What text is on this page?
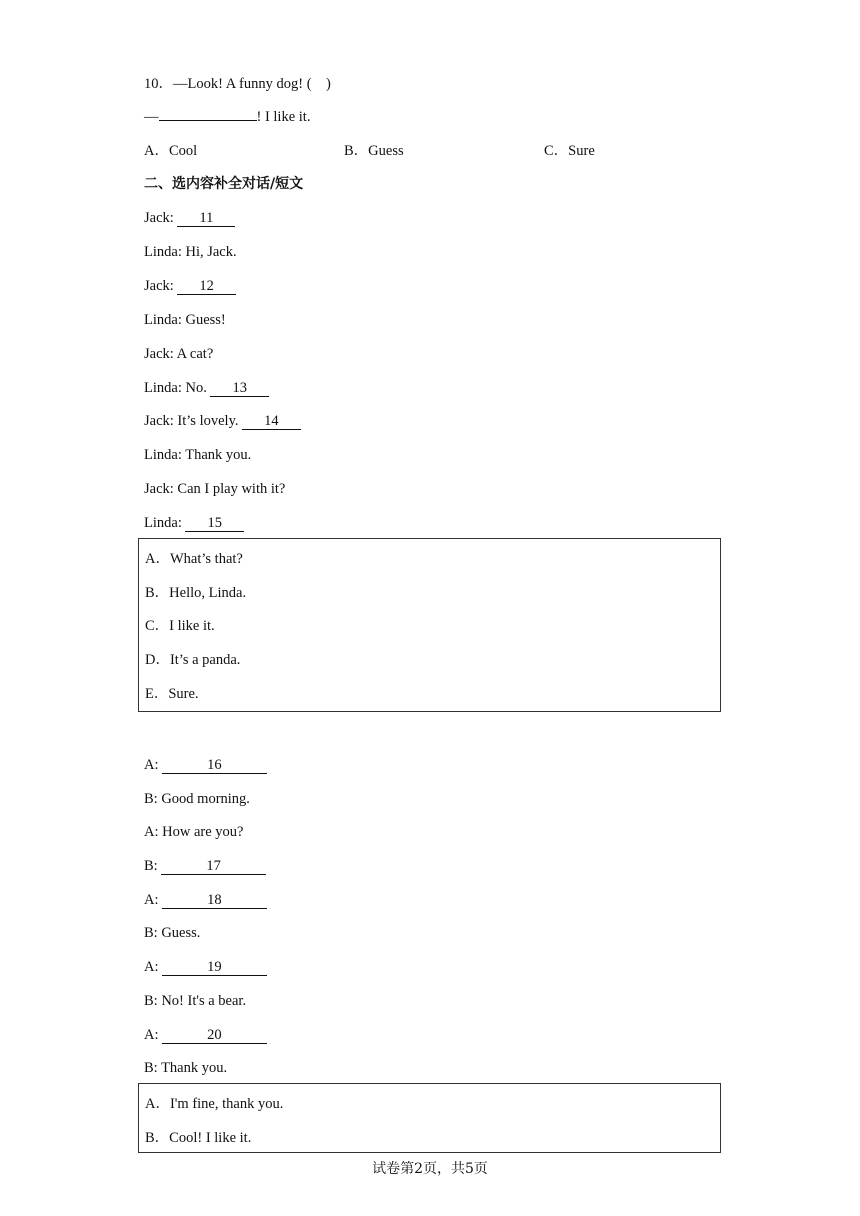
10．—Look! A funny dog! (　)
—	! I like it.
A．Cool	B．Guess	C．Sure
二、选内容补全对话/短文
Jack: 11
Linda: Hi, Jack.
Jack: 12
Linda: Guess!
Jack: A cat?
Linda: No. 13
Jack: It’s lovely. 14
Linda: Thank you.
Jack: Can I play with it?
Linda: 15
A．What’s that?
B．Hello, Linda.
C．I like it.
D．It’s a panda.
E．Sure.
A:	16
B: Good morning.
A: How are you?
B:	17
A:	18
B: Guess.
A:	19
B: No! It's a bear.
A:	20
B: Thank you.
A．I'm fine, thank you.
B．Cool! I like it.
试卷第2页，共5页
